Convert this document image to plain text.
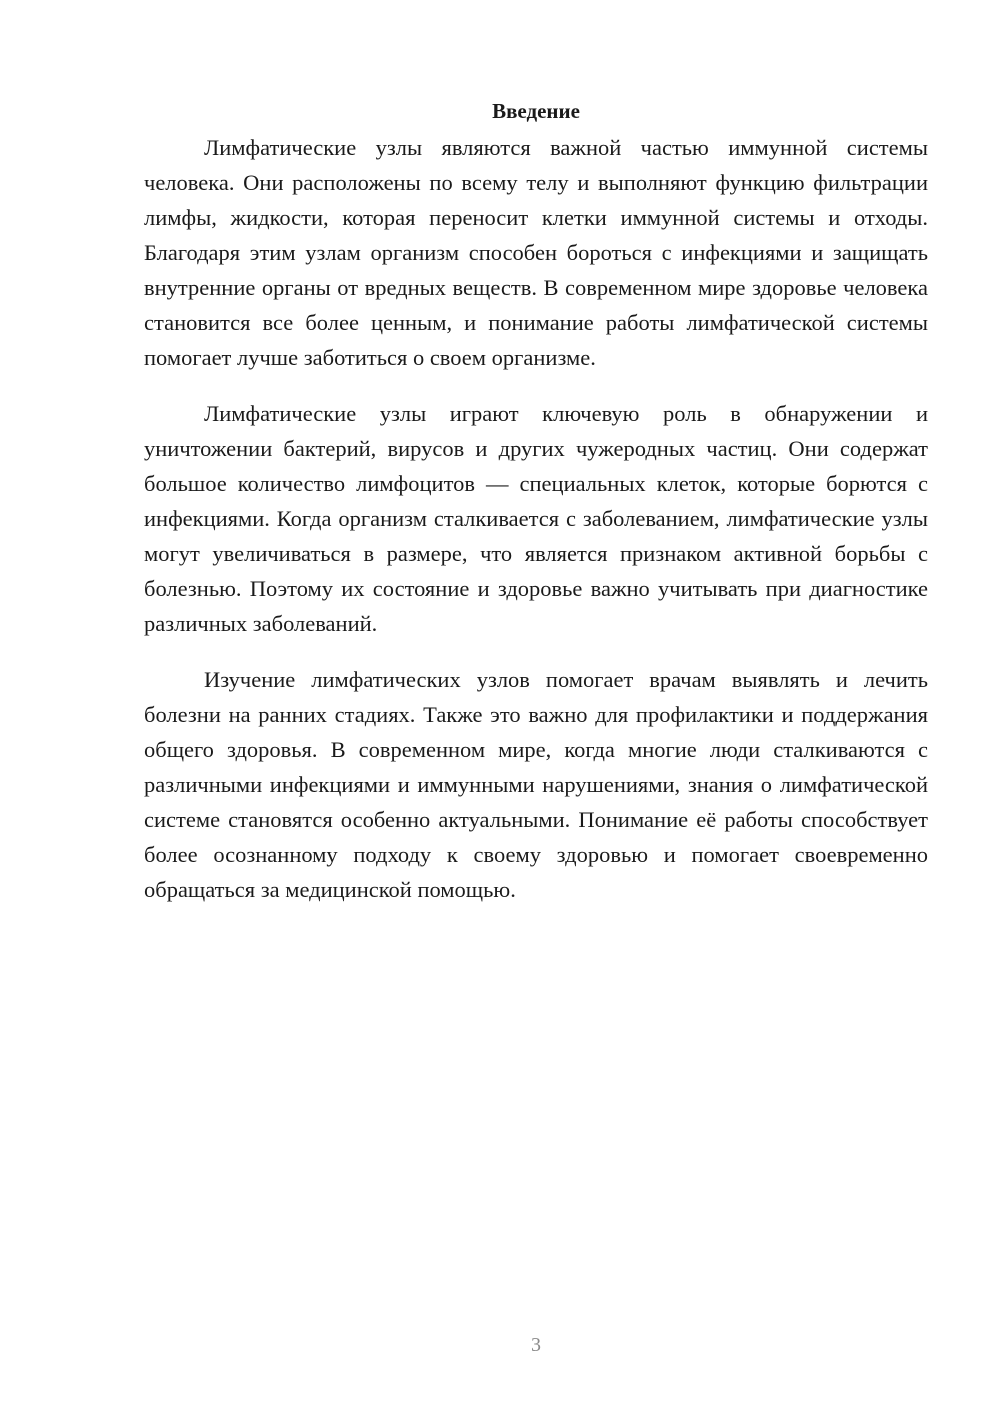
Введение

Лимфатические узлы являются важной частью иммунной системы человека. Они расположены по всему телу и выполняют функцию фильтрации лимфы, жидкости, которая переносит клетки иммунной системы и отходы. Благодаря этим узлам организм способен бороться с инфекциями и защищать внутренние органы от вредных веществ. В современном мире здоровье человека становится все более ценным, и понимание работы лимфатической системы помогает лучше заботиться о своем организме.

Лимфатические узлы играют ключевую роль в обнаружении и уничтожении бактерий, вирусов и других чужеродных частиц. Они содержат большое количество лимфоцитов — специальных клеток, которые борются с инфекциями. Когда организм сталкивается с заболеванием, лимфатические узлы могут увеличиваться в размере, что является признаком активной борьбы с болезнью. Поэтому их состояние и здоровье важно учитывать при диагностике различных заболеваний.

Изучение лимфатических узлов помогает врачам выявлять и лечить болезни на ранних стадиях. Также это важно для профилактики и поддержания общего здоровья. В современном мире, когда многие люди сталкиваются с различными инфекциями и иммунными нарушениями, знания о лимфатической системе становятся особенно актуальными. Понимание её работы способствует более осознанному подходу к своему здоровью и помогает своевременно обращаться за медицинской помощью.

3
